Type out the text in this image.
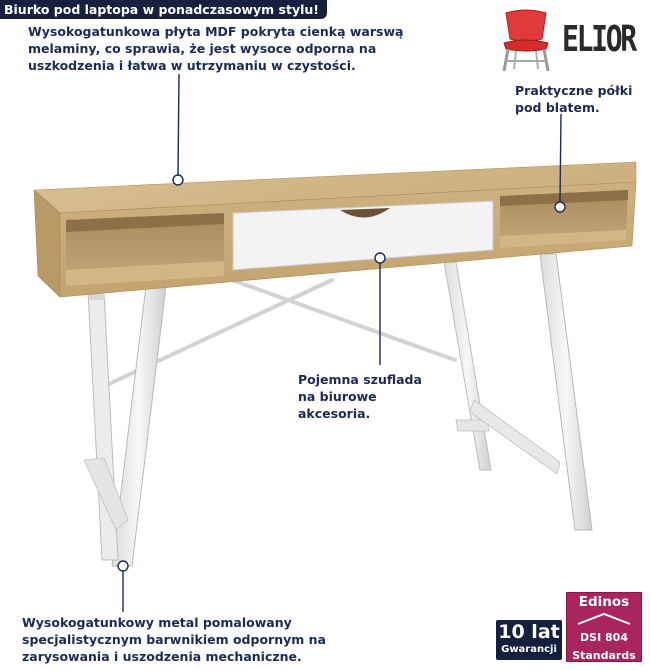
Biurko pod laptopa w ponadczasowym stylu!
Wysokogatunkowa płyta MDF pokryta cienką warswą
melaminy, co sprawia, że jest wysoce odporna na
uszkodzenia i łatwa w utrzymaniu w czystości.
Praktyczne półki
pod blatem.
Pojemna szuflada
na biurowe
akcesoria.
Wysokogatunkowy metal pomalowany
specjalistycznym barwnikiem odpornym na
zarysowania i uszodzenia mechaniczne.
ELIOR
10 lat
Gwarancji
Edinos
DSI 804
Standards
